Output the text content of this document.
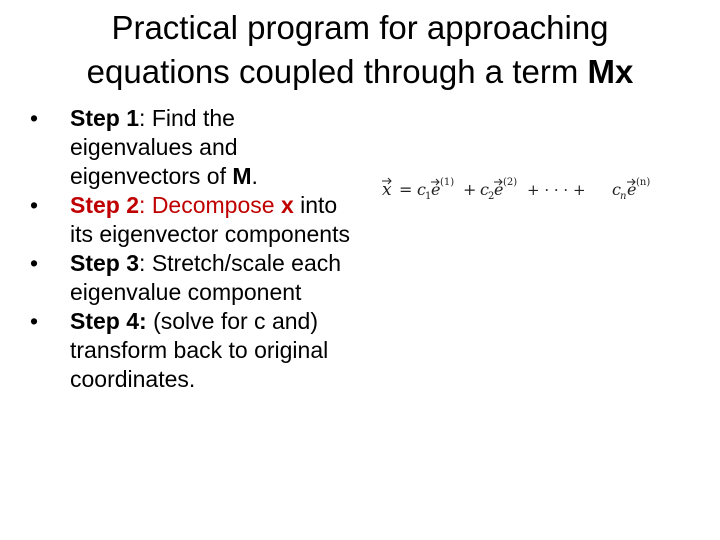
Practical program for approaching
equations coupled through a term Mx
•	Step 1: Find the eigenvalues and eigenvectors of M.
•	Step 2: Decompose x into its eigenvector components
•	Step 3: Stretch/scale each eigenvalue component
•	Step 4: (solve for c and) transform back to original coordinates.
x = c 1 e (1) + c 2 e (2) + · · · + c n e (n)
